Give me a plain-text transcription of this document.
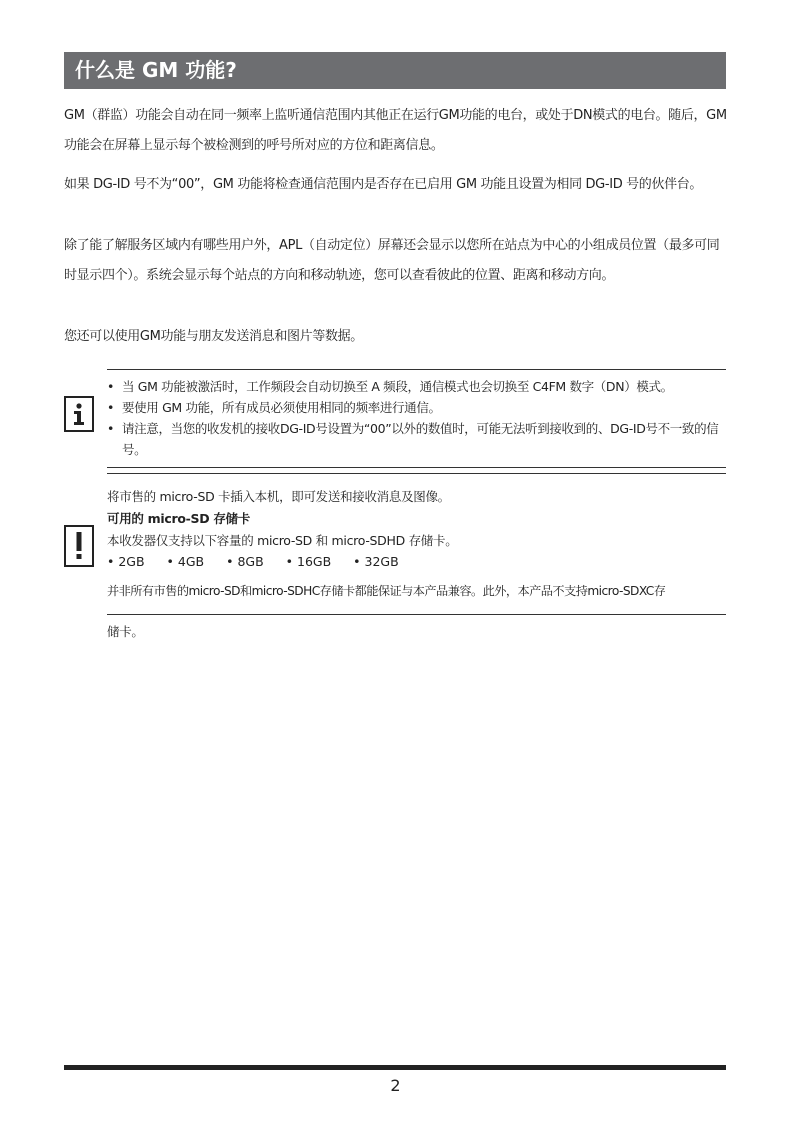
什么是 GM 功能?

GM（群监）功能会自动在同一频率上监听通信范围内其他正在运行GM功能的电台，或处于DN模式的电台。随后，GM功能会在屏幕上显示每个被检测到的呼号所对应的方位和距离信息。

如果 DG-ID 号不为“00”，GM 功能将检查通信范围内是否存在已启用 GM 功能且设置为相同 DG-ID 号的伙伴台。

除了能了解服务区域内有哪些用户外，APL（自动定位）屏幕还会显示以您所在站点为中心的小组成员位置（最多可同时显示四个）。系统会显示每个站点的方向和移动轨迹，您可以查看彼此的位置、距离和移动方向。

您还可以使用GM功能与朋友发送消息和图片等数据。

• 当 GM 功能被激活时，工作频段会自动切换至 A 频段，通信模式也会切换至 C4FM 数字（DN）模式。
• 要使用 GM 功能，所有成员必须使用相同的频率进行通信。
• 请注意，当您的收发机的接收DG-ID号设置为“00”以外的数值时，可能无法听到接收到的、DG-ID号不一致的信号。
将市售的 micro-SD 卡插入本机，即可发送和接收消息及图像。
可用的 micro-SD 存储卡
本收发器仅支持以下容量的 micro-SD 和 micro-SDHD 存储卡。
• 2GB • 4GB • 8GB • 16GB • 32GB
并非所有市售的micro-SD和micro-SDHC存储卡都能保证与本产品兼容。此外，本产品不支持micro-SDXC存
储卡。
2
